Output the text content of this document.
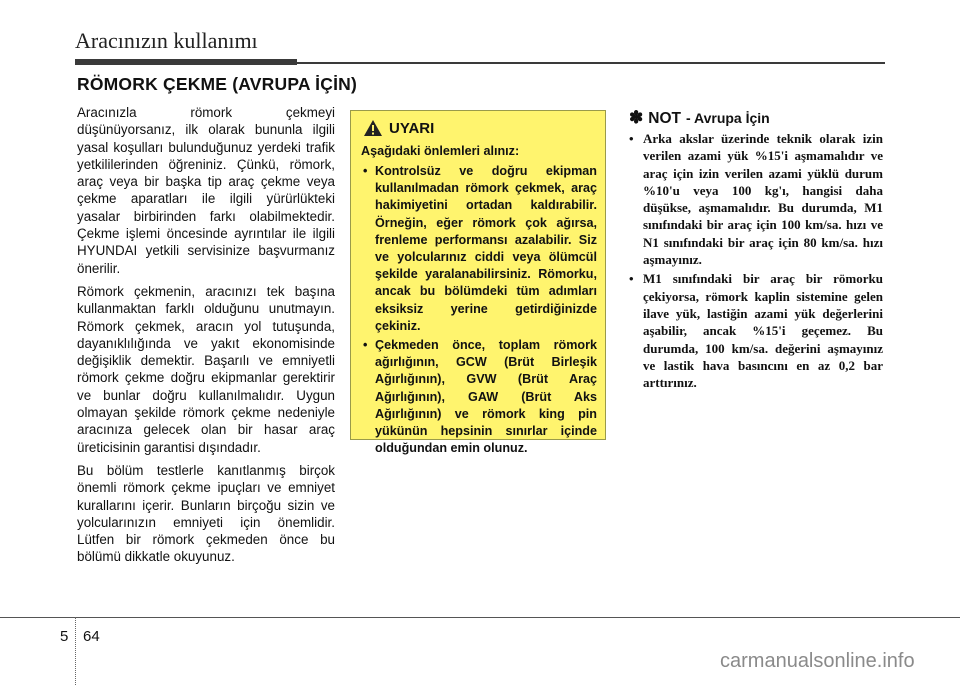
Aracınızın kullanımı
RÖMORK ÇEKME (AVRUPA İÇİN)

Aracınızla römork çekmeyi düşünüyorsanız, ilk olarak bununla ilgili yasal koşulları bulunduğunuz yerdeki trafik yetkililerinden öğreniniz. Çünkü, römork, araç veya bir başka tip araç çekme veya çekme aparatları ile ilgili yürürlükteki yasalar birbirinden farkı olabilmektedir. Çekme işlemi öncesinde ayrıntılar ile ilgili HYUNDAI yetkili servisinize başvurmanız önerilir.

Römork çekmenin, aracınızı tek başına kullanmaktan farklı olduğunu unutmayın. Römork çekmek, aracın yol tutuşunda, dayanıklılığında ve yakıt ekonomisinde değişiklik demektir. Başarılı ve emniyetli römork çekme doğru ekipmanlar gerektirir ve bunlar doğru kullanılmalıdır. Uygun olmayan şekilde römork çekme nedeniyle aracınıza gelecek olan bir hasar araç üreticisinin garantisi dışındadır.

Bu bölüm testlerle kanıtlanmış birçok önemli römork çekme ipuçları ve emniyet kurallarını içerir. Bunların birçoğu sizin ve yolcularınızın emniyeti için önemlidir. Lütfen bir römork çekmeden önce bu bölümü dikkatle okuyunuz.

UYARI
Aşağıdaki önlemleri alınız:
• Kontrolsüz ve doğru ekipman kullanılmadan römork çekmek, araç hakimiyetini ortadan kaldırabilir. Örneğin, eğer römork çok ağırsa, frenleme performansı azalabilir. Siz ve yolcularınız ciddi veya ölümcül şekilde yaralanabilirsiniz. Römorku, ancak bu bölümdeki tüm adımları eksiksiz yerine getirdiğinizde çekiniz.
• Çekmeden önce, toplam römork ağırlığının, GCW (Brüt Birleşik Ağırlığının), GVW (Brüt Araç Ağırlığının), GAW (Brüt Aks Ağırlığının) ve römork king pin yükünün hepsinin sınırlar içinde olduğundan emin olunuz.
✽ NOT - Avrupa İçin
• Arka akslar üzerinde teknik olarak izin verilen azami yük %15'i aşmamalıdır ve araç için izin verilen azami yüklü durum %10'u veya 100 kg'ı, hangisi daha düşükse, aşmamalıdır. Bu durumda, M1 sınıfındaki bir araç için 100 km/sa. hızı ve N1 sınıfındaki bir araç için 80 km/sa. hızı aşmayınız.
• M1 sınıfındaki bir araç bir römorku çekiyorsa, römork kaplin sistemine gelen ilave yük, lastiğin azami yük değerlerini aşabilir, ancak %15'i geçemez. Bu durumda, 100 km/sa. değerini aşmayınız ve lastik hava basıncını en az 0,2 bar arttırınız.
5 64
carmanualsonline.info
